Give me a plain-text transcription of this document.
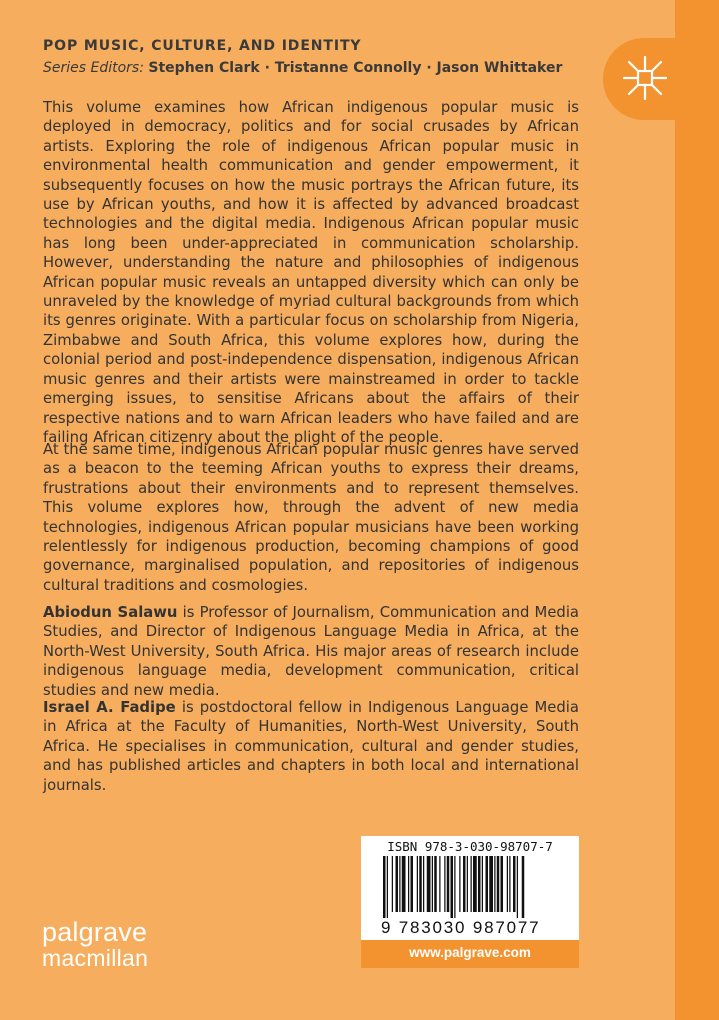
POP MUSIC, CULTURE, AND IDENTITY
Series Editors: Stephen Clark · Tristanne Connolly · Jason Whittaker

This volume examines how African indigenous popular music is deployed in democracy, politics and for social crusades by African artists. Exploring the role of indigenous African popular music in environmental health communication and gender empowerment, it subsequently focuses on how the music portrays the African future, its use by African youths, and how it is affected by advanced broadcast technologies and the digital media. Indigenous African popular music has long been under-appreciated in communication scholarship. However, understanding the nature and philosophies of indigenous African popular music reveals an untapped diversity which can only be unraveled by the knowledge of myriad cultural backgrounds from which its genres originate. With a particular focus on scholarship from Nigeria, Zimbabwe and South Africa, this volume explores how, during the colonial period and post-independence dispensation, indigenous African music genres and their artists were mainstreamed in order to tackle emerging issues, to sensitise Africans about the affairs of their respective nations and to warn African leaders who have failed and are failing African citizenry about the plight of the people.

At the same time, indigenous African popular music genres have served as a beacon to the teeming African youths to express their dreams, frustrations about their environments and to represent themselves. This volume explores how, through the advent of new media technologies, indigenous African popular musicians have been working relentlessly for indigenous production, becoming champions of good governance, marginalised population, and repositories of indigenous cultural traditions and cosmologies.

Abiodun Salawu is Professor of Journalism, Communication and Media Studies, and Director of Indigenous Language Media in Africa, at the North-West University, South Africa. His major areas of research include indigenous language media, development communication, critical studies and new media.

Israel A. Fadipe is postdoctoral fellow in Indigenous Language Media in Africa at the Faculty of Humanities, North-West University, South Africa. He specialises in communication, cultural and gender studies, and has published articles and chapters in both local and international journals.

palgrave
macmillan
ISBN 978-3-030-98707-7
9 783030 987077
www.palgrave.com
